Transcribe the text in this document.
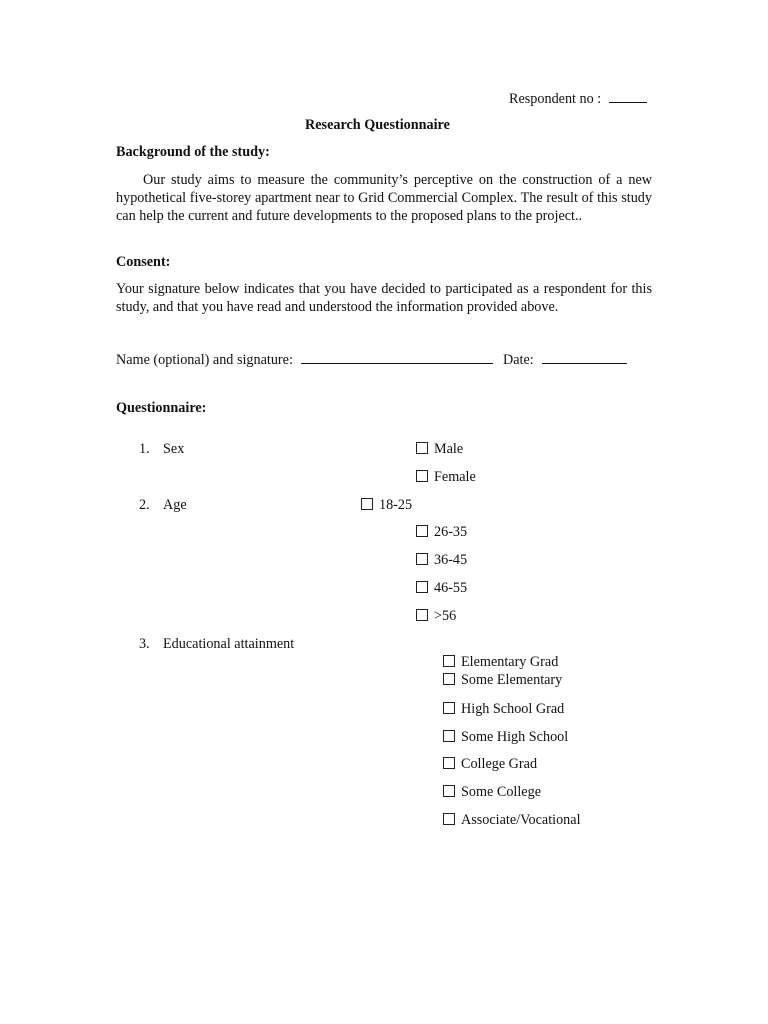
Respondent no :
Research Questionnaire
Background of the study:
Our study aims to measure the community’s perceptive on the construction of a new hypothetical five-storey apartment near to Grid Commercial Complex. The result of this study can help the current and future developments to the proposed plans to the project..
Consent:
Your signature below indicates that you have decided to participated as a respondent for this study, and that you have read and understood the information provided above.
Name (optional) and signature:	Date:
Questionnaire:
1. Sex	Male
Female
2. Age	18-25
26-35
36-45
46-55
>56
3. Educational attainment
Elementary Grad
Some Elementary
High School Grad
Some High School
College Grad
Some College
Associate/Vocational
